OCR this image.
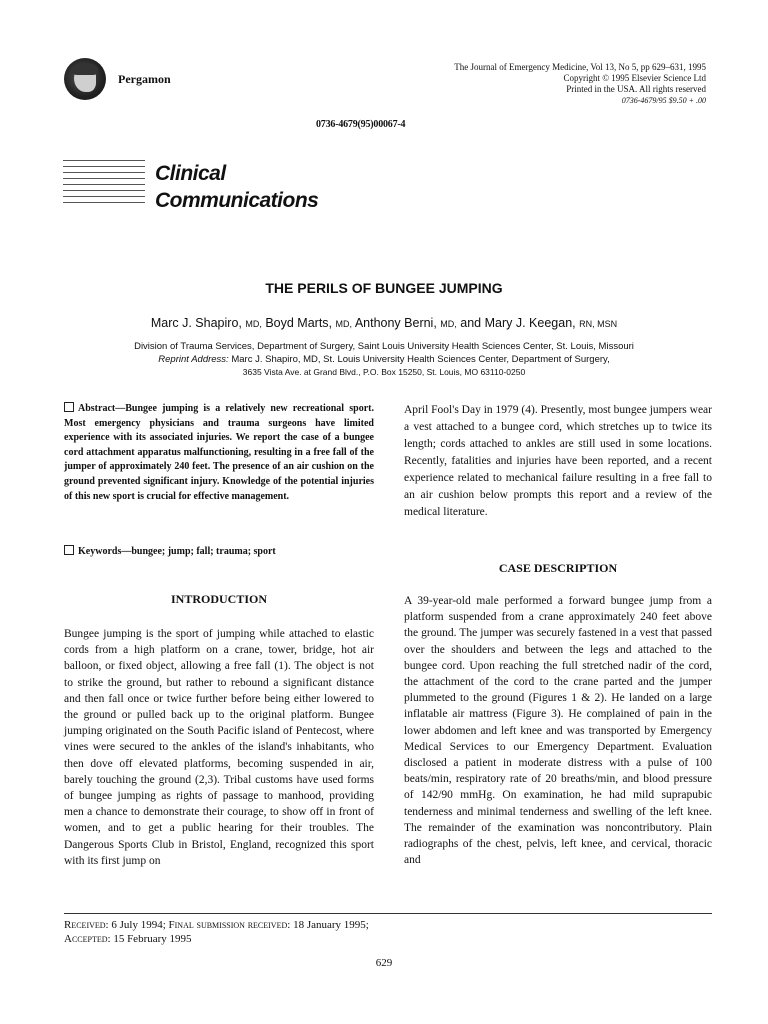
Pergamon
The Journal of Emergency Medicine, Vol 13, No 5, pp 629–631, 1995
Copyright © 1995 Elsevier Science Ltd
Printed in the USA. All rights reserved
0736-4679/95 $9.50 + .00
0736-4679(95)00067-4
Clinical
Communications
THE PERILS OF BUNGEE JUMPING
Marc J. Shapiro, MD, Boyd Marts, MD, Anthony Berni, MD, and Mary J. Keegan, RN, MSN
Division of Trauma Services, Department of Surgery, Saint Louis University Health Sciences Center, St. Louis, Missouri
Reprint Address: Marc J. Shapiro, MD, St. Louis University Health Sciences Center, Department of Surgery,
3635 Vista Ave. at Grand Blvd., P.O. Box 15250, St. Louis, MO 63110-0250
Abstract—Bungee jumping is a relatively new recreational sport. Most emergency physicians and trauma surgeons have limited experience with its associated injuries. We report the case of a bungee cord attachment apparatus malfunctioning, resulting in a free fall of the jumper of approximately 240 feet. The presence of an air cushion on the ground prevented significant injury. Knowledge of the potential injuries of this new sport is crucial for effective management.
Keywords—bungee; jump; fall; trauma; sport
INTRODUCTION
Bungee jumping is the sport of jumping while attached to elastic cords from a high platform on a crane, tower, bridge, hot air balloon, or fixed object, allowing a free fall (1). The object is not to strike the ground, but rather to rebound a significant distance and then fall once or twice further before being either lowered to the ground or pulled back up to the original platform. Bungee jumping originated on the South Pacific island of Pentecost, where vines were secured to the ankles of the island's inhabitants, who then dove off elevated platforms, becoming suspended in air, barely touching the ground (2,3). Tribal customs have used forms of bungee jumping as rights of passage to manhood, providing men a chance to demonstrate their courage, to show off in front of women, and to get a public hearing for their troubles. The Dangerous Sports Club in Bristol, England, recognized this sport with its first jump on
April Fool's Day in 1979 (4). Presently, most bungee jumpers wear a vest attached to a bungee cord, which stretches up to twice its length; cords attached to ankles are still used in some locations. Recently, fatalities and injuries have been reported, and a recent experience related to mechanical failure resulting in a free fall to an air cushion below prompts this report and a review of the medical literature.
CASE DESCRIPTION
A 39-year-old male performed a forward bungee jump from a platform suspended from a crane approximately 240 feet above the ground. The jumper was securely fastened in a vest that passed over the shoulders and between the legs and attached to the bungee cord. Upon reaching the full stretched nadir of the cord, the attachment of the cord to the crane parted and the jumper plummeted to the ground (Figures 1 & 2). He landed on a large inflatable air mattress (Figure 3). He complained of pain in the lower abdomen and left knee and was transported by Emergency Medical Services to our Emergency Department. Evaluation disclosed a patient in moderate distress with a pulse of 100 beats/min, respiratory rate of 20 breaths/min, and blood pressure of 142/90 mmHg. On examination, he had mild suprapubic tenderness and minimal tenderness and swelling of the left knee. The remainder of the examination was noncontributory. Plain radiographs of the chest, pelvis, left knee, and cervical, thoracic and
Received: 6 July 1994; Final submission received: 18 January 1995;
Accepted: 15 February 1995
629
